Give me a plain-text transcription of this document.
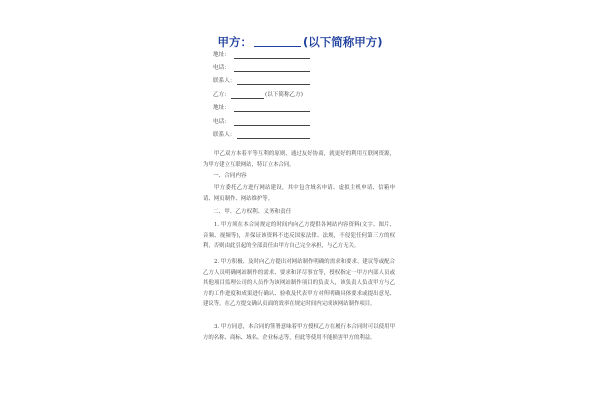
甲方：	(以下简称甲方)
地址：
电话：
联系人：
乙方：	(以下简称乙方)
地址：
电话：
联系人：

甲乙双方本着平等互利的原则，通过友好协商，就更好的利用互联网资源，为甲方建立互联网站，特订立本合同。

一、合同内容

甲方委托乙方进行网站建设，其中包含域名申请、虚拟主机申请、信箱申请、网页制作、网站维护等。

二、甲、乙方权利、义务和责任

1. 甲方须在本合同规定的时间内向乙方提供各网站内容资料(文字、图片、音频、视频等)，并保证该资料不违反国家法律、法规，不侵犯任何第三方的权利，否则由此引起的全部责任由甲方自己完全承担，与乙方无关。

2. 甲方积极、及时向乙方提出对网站制作明确的需求和要求、建议等或配合乙方人员明确网站制作的需求、要求和详尽事宜等，授权指定一甲方内部人员或其他项目监理公司的人员作为该网站制作项目的负责人，该负责人负责甲方与乙方的工作进度和成果进行确认、验收及代表甲方对所明确具体要求或提出意见、建议等，在乙方提交确认页面的效率在规定时间内完成该网站制作项目。

3. 甲方同意，本合同的签署意味着甲方授权乙方在履行本合同时可以使用甲方的名称、商标、域名、企业标志等，但此等使用不能损害甲方的利益。
